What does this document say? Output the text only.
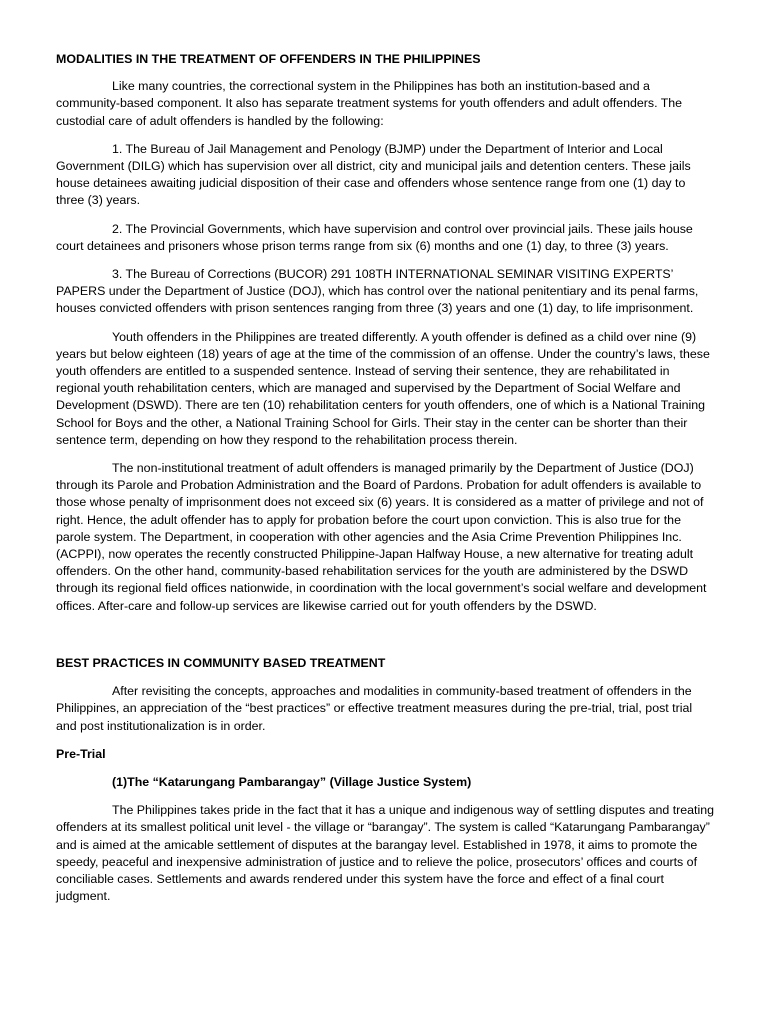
MODALITIES IN THE TREATMENT OF OFFENDERS IN THE PHILIPPINES

Like many countries, the correctional system in the Philippines has both an institution-based and a community-based component. It also has separate treatment systems for youth offenders and adult offenders. The custodial care of adult offenders is handled by the following:

1. The Bureau of Jail Management and Penology (BJMP) under the Department of Interior and Local Government (DILG) which has supervision over all district, city and municipal jails and detention centers. These jails house detainees awaiting judicial disposition of their case and offenders whose sentence range from one (1) day to three (3) years.

2. The Provincial Governments, which have supervision and control over provincial jails. These jails house court detainees and prisoners whose prison terms range from six (6) months and one (1) day, to three (3) years.

3. The Bureau of Corrections (BUCOR) 291 108TH INTERNATIONAL SEMINAR VISITING EXPERTS’ PAPERS under the Department of Justice (DOJ), which has control over the national penitentiary and its penal farms, houses convicted offenders with prison sentences ranging from three (3) years and one (1) day, to life imprisonment.

Youth offenders in the Philippines are treated differently. A youth offender is defined as a child over nine (9) years but below eighteen (18) years of age at the time of the commission of an offense. Under the country’s laws, these youth offenders are entitled to a suspended sentence. Instead of serving their sentence, they are rehabilitated in regional youth rehabilitation centers, which are managed and supervised by the Department of Social Welfare and Development (DSWD). There are ten (10) rehabilitation centers for youth offenders, one of which is a National Training School for Boys and the other, a National Training School for Girls. Their stay in the center can be shorter than their sentence term, depending on how they respond to the rehabilitation process therein.

The non-institutional treatment of adult offenders is managed primarily by the Department of Justice (DOJ) through its Parole and Probation Administration and the Board of Pardons. Probation for adult offenders is available to those whose penalty of imprisonment does not exceed six (6) years. It is considered as a matter of privilege and not of right. Hence, the adult offender has to apply for probation before the court upon conviction. This is also true for the parole system. The Department, in cooperation with other agencies and the Asia Crime Prevention Philippines Inc. (ACPPI), now operates the recently constructed Philippine-Japan Halfway House, a new alternative for treating adult offenders. On the other hand, community-based rehabilitation services for the youth are administered by the DSWD through its regional field offices nationwide, in coordination with the local government’s social welfare and development offices. After-care and follow-up services are likewise carried out for youth offenders by the DSWD.

BEST PRACTICES IN COMMUNITY BASED TREATMENT

After revisiting the concepts, approaches and modalities in community-based treatment of offenders in the Philippines, an appreciation of the “best practices” or effective treatment measures during the pre-trial, trial, post trial and post institutionalization is in order.

Pre-Trial
(1)The “Katarungang Pambarangay” (Village Justice System)

The Philippines takes pride in the fact that it has a unique and indigenous way of settling disputes and treating offenders at its smallest political unit level - the village or “barangay”. The system is called “Katarungang Pambarangay” and is aimed at the amicable settlement of disputes at the barangay level. Established in 1978, it aims to promote the speedy, peaceful and inexpensive administration of justice and to relieve the police, prosecutors’ offices and courts of conciliable cases. Settlements and awards rendered under this system have the force and effect of a final court judgment.
